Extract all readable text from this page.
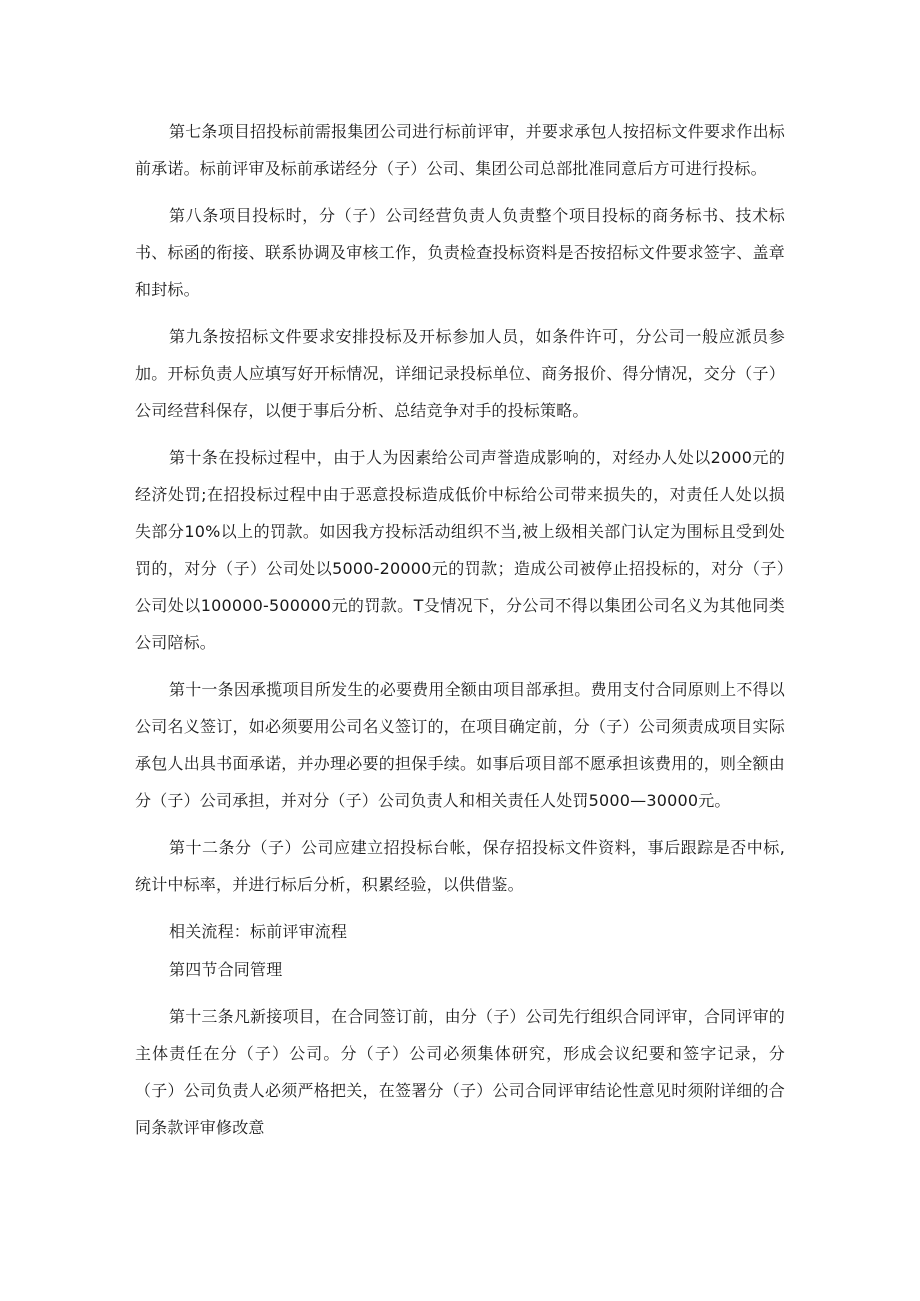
第七条项目招投标前需报集团公司进行标前评审，并要求承包人按招标文件要求作出标前承诺。标前评审及标前承诺经分（子）公司、集团公司总部批准同意后方可进行投标。

第八条项目投标时，分（子）公司经营负责人负责整个项目投标的商务标书、技术标书、标函的衔接、联系协调及审核工作，负责检查投标资料是否按招标文件要求签字、盖章和封标。

第九条按招标文件要求安排投标及开标参加人员，如条件许可，分公司一般应派员参加。开标负责人应填写好开标情况，详细记录投标单位、商务报价、得分情况，交分（子）公司经营科保存，以便于事后分析、总结竞争对手的投标策略。

第十条在投标过程中，由于人为因素给公司声誉造成影响的，对经办人处以2000元的经济处罚;在招投标过程中由于恶意投标造成低价中标给公司带来损失的，对责任人处以损失部分10%以上的罚款。如因我方投标活动组织不当,被上级相关部门认定为围标且受到处罚的，对分（子）公司处以5000-20000元的罚款；造成公司被停止招投标的，对分（子）公司处以100000-500000元的罚款。T殳情况下，分公司不得以集团公司名义为其他同类公司陪标。

第十一条因承揽项目所发生的必要费用全额由项目部承担。费用支付合同原则上不得以公司名义签订，如必须要用公司名义签订的，在项目确定前，分（子）公司须责成项目实际承包人出具书面承诺，并办理必要的担保手续。如事后项目部不愿承担该费用的，则全额由分（子）公司承担，并对分（子）公司负责人和相关责任人处罚5000—30000元。

第十二条分（子）公司应建立招投标台帐，保存招投标文件资料，事后跟踪是否中标,统计中标率，并进行标后分析，积累经验，以供借鉴。

相关流程：标前评审流程

第四节合同管理

第十三条凡新接项目，在合同签订前，由分（子）公司先行组织合同评审，合同评审的主体责任在分（子）公司。分（子）公司必须集体研究，形成会议纪要和签字记录，分（子）公司负责人必须严格把关，在签署分（子）公司合同评审结论性意见时须附详细的合同条款评审修改意
